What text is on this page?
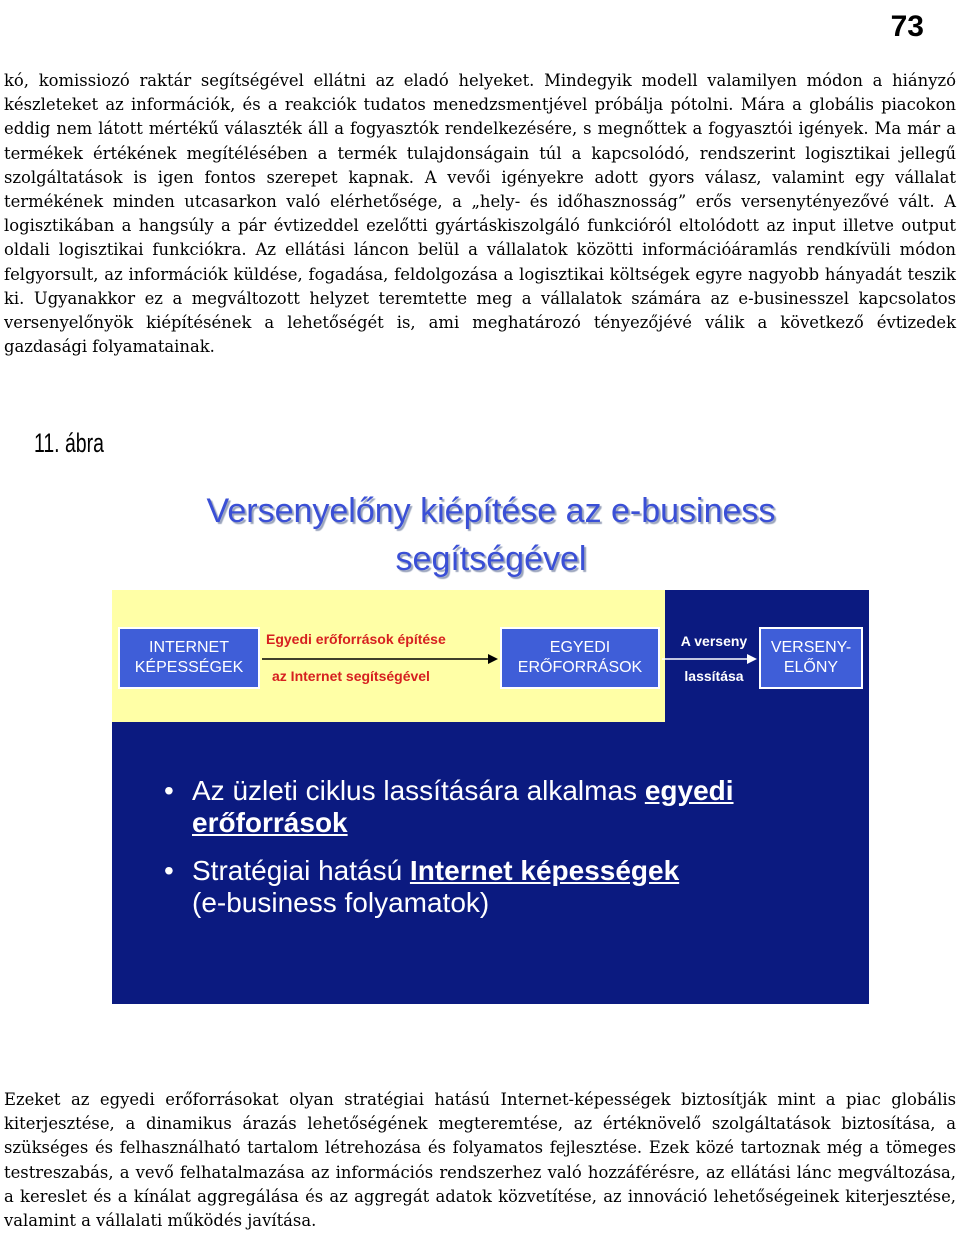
73

kó, komissiozó raktár segítségével ellátni az eladó helyeket. Mindegyik modell valamilyen módon a hiányzó készleteket az információk, és a reakciók tudatos menedzsmentjével próbálja pótolni. Mára a globális piacokon eddig nem látott mértékű választék áll a fogyasztók rendelkezésére, s megnőttek a fogyasztói igények. Ma már a termékek értékének megítélésében a termék tulajdonságain túl a kapcsolódó, rendszerint logisztikai jellegű szolgáltatások is igen fontos szerepet kapnak. A vevői igényekre adott gyors válasz, valamint egy vállalat termékének minden utcasarkon való elérhetősége, a „hely- és időhasznosság” erős versenytényezővé vált. A logisztikában a hangsúly a pár évtizeddel ezelőtti gyártáskiszolgáló funkcióról eltolódott az input illetve output oldali logisztikai funkciókra. Az ellátási láncon belül a vállalatok közötti információáramlás rendkívüli módon felgyorsult, az információk küldése, fogadása, feldolgozása a logisztikai költségek egyre nagyobb hányadát teszik ki. Ugyanakkor ez a megváltozott helyzet teremtette meg a vállalatok számára az e-businesszel kapcsolatos versenyelőnyök kiépítésének a lehetőségét is, ami meghatározó tényezőjévé válik a következő évtizedek gazdasági folyamatainak.

11. ábra
Versenyelőny kiépítése az e-business
segítségével
INTERNET
KÉPESSÉGEK
Egyedi erőforrások építése
az Internet segítségével
EGYEDI
ERŐFORRÁSOK
A verseny
lassítása
VERSENY-
ELŐNY
• Az üzleti ciklus lassítására alkalmas egyedi erőforrások
• Stratégiai hatású Internet képességek
(e-business folyamatok)

Ezeket az egyedi erőforrásokat olyan stratégiai hatású Internet-képességek biztosítják mint a piac globális kiterjesztése, a dinamikus árazás lehetőségének megteremtése, az értéknövelő szolgáltatások biztosítása, a szükséges és felhasználható tartalom létrehozása és folyamatos fejlesztése. Ezek közé tartoznak még a tömeges testreszabás, a vevő felhatalmazása az információs rendszerhez való hozzáférésre, az ellátási lánc megváltozása, a kereslet és a kínálat aggregálása és az aggregát adatok közvetítése, az innováció lehetőségeinek kiterjesztése, valamint a vállalati működés javítása.
